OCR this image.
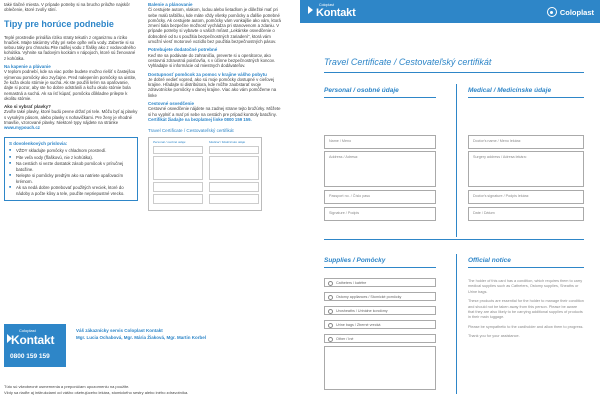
takė tlačné miesta. V prípade potreby si na brucho priložte najskôr oblečenie, ktoré zvolíy stiní.
Tipy pre horúce podnebie
Teplé prostredie prinášia riziko straty tekutín z organizmu a riziko hnačiek. Majte takúmtry vždy pri sebe opľte veľa vody. Zabertie si so sebou taky pro chnacku.Pite radšej vodu z fľašky ako z vodovodného kohútika. Vyhnite sa ľadovým kockám v nápojoch, ktoré sú ženované z kohútika.
Na kapenie a plávanie
V teplom podnebí, kde sa viac potíte budete možno riešiť s častejšou výmenou pomôcky ako zvyčajne. Pred nalepením pomôcky sa uistite, že koža okolo stómie je suchá. Ak ste použili krém na opaľovanie, dajte si pozor, aby ste ho dobre odstránili a kožu okolo stómie bola nemastná a suchá. Ak sa ísť kúpať, pomôcku dôkladne prilepte k okolitu stómie.
Ako si vybrať plavky?
Zvoľte také plavky, ktoré budú pevne držať pri tele. Môžu byť aj plavky s vysokým pásom, alebo plavky s nohavičkami. Pre ženy je vhodné tmavšie, vzorované plavky. Niektoré typy nájdete na stránke www.mypouch.cz
S dovolenkových príslovia:
■ VŽDY skladujte pomôcky v chladnom prostredí.
■ Pite veľa vody (fľaškovú, nie z kohútika).
■ Na cestách si vezte dostatok zásob pomôcok v príručnej batožine.
■ Nelepte si pomôcky predtým ako sa natriete opaľovacím krémom.
■ Ak sa nedá dobre potrebovať použitých vreciek, ktoré do nádoby a počte kôsy a tele, použite nepriepustné vrecko.
Balenie a plánovanie
Či cestujete autom, vlakom, lodou alebo lietadlom je dôležité mať pri sebe malú taštičku, kde máte vždy všetky pomôcky a ďalšie potrebné pomôcky. Ak cestujete autom, pomôcky vám vonkajšie ako vám, ktorá zmení tiala bezpečne možnosť vychádza pri stanovenom a zdaniu. V prípade potreby si vybavte o vašich mŕiast „Lekárske osvedčenie o dobsobné od tu s použitia bezpečnostných zariadení“, ktorá vám umožní viesť motorové vozidlo bez použitia bezpečnostných pásov.
Potrebujete dodatočné potrebné
Keď ste sa podávate do zahraničia, preverte si u operátorov, ako cestovná zdravotná poisťovňa, s v účinne bezpečnostných koncov. Vyhladajte si informácie od miestnych dodávateľov.
Dostupnosť pomôcok za pomoc v krajine vášho pobytu
Je dobré vedieť vopred, ako sú moje pomôcky dostupné v cieľovej krajine. Hľadajte si distribútora, kde môžte zaobstarať svoje zdravotnícke pomôcky v danej krajine. Viac ako vám pomôžeme na linke
Cestovné osvedčenie
Cestovné osvedčenie nájdete na zadnej strane tejto brožúrky. Môžete si ho vyplniť a mať pri sebe na cestách pre prípad kontroly batožiny. Certifikát žiadajte na bezplatnej linke 0800 159 159.
Travel Certificate / Cestovateľský certifikát
Personal / osobné údaje	Medical / Medicínske údaje
Coloplast
Kontakt
0800 159 159
Váš zákaznícky servis Coloplast Kontakt
Mgr. Lucia Ochabová, Mgr. Mária Žiaková, Mgr. Martin Korbel
Túto sú všeobecné usmernenia a preporúčam upozorneniu na použite.
Vždy sa riaďte aj inštrukciami od vášho ošetrujúceho lekára, stomického sestry alebo iného zdravotníka.
Coloplast
Kontakt	Coloplast
Travel Certificate / Cestovateľský certifikát
Personal / osobné údaje
Name / Meno
Address / Adresa:
Passport no. / Číslo pasu
Signature / Podpis
Medical / Medicínske údaje
Doctor's name / Meno lekára:
Surgery address / Adresa lekára:
Doctor's signature / Podpis lekára:
Date / Dátum
Supplies / Pomôcky
Catheters / katétre
Ostomy appliances / Stomické pomôcky
Urosheaths / Urinálne kondómy
Urine bags / Zberné vrecká
Other / Iné
Official notice

The holder of this card has a condition, which requires them to carry medical supplies such as Catheters, Ostomy supplies, Sheaths or Urine bags.

These products are essential for the holder to manage their condition and should not be taken away from this person. Please be aware that they are also likely to be carrying additional supplies of products in their main luggage.

Please be sympathetic to the cardholder and allow them to progress.

Thank you for your assistance.
